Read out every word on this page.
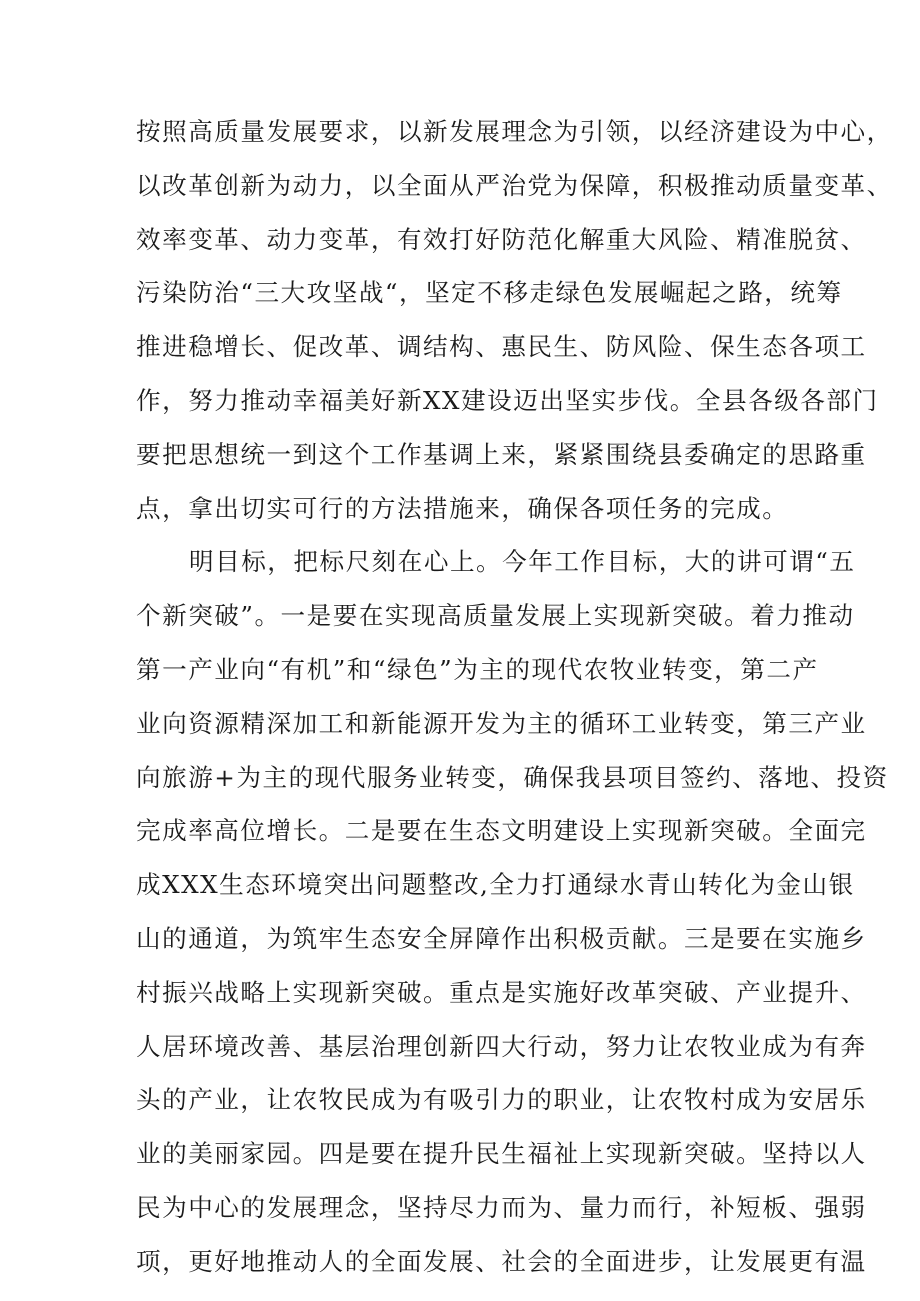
按照高质量发展要求，以新发展理念为引领，以经济建设为中心，
以改革创新为动力，以全面从严治党为保障，积极推动质量变革、
效率变革、动力变革，有效打好防范化解重大风险、精准脱贫、
污染防治“三大攻坚战“，坚定不移走绿色发展崛起之路，统筹
推进稳增长、促改革、调结构、惠民生、防风险、保生态各项工
作，努力推动幸福美好新XX建设迈出坚实步伐。全县各级各部门
要把思想统一到这个工作基调上来，紧紧围绕县委确定的思路重
点，拿出切实可行的方法措施来，确保各项任务的完成。
明目标，把标尺刻在心上。今年工作目标，大的讲可谓“五
个新突破”。一是要在实现高质量发展上实现新突破。着力推动
第一产业向“有机”和“绿色”为主的现代农牧业转变，第二产
业向资源精深加工和新能源开发为主的循环工业转变，第三产业
向旅游+为主的现代服务业转变，确保我县项目签约、落地、投资
完成率高位增长。二是要在生态文明建设上实现新突破。全面完
成XXX生态环境突出问题整改,全力打通绿水青山转化为金山银
山的通道，为筑牢生态安全屏障作出积极贡献。三是要在实施乡
村振兴战略上实现新突破。重点是实施好改革突破、产业提升、
人居环境改善、基层治理创新四大行动，努力让农牧业成为有奔
头的产业，让农牧民成为有吸引力的职业，让农牧村成为安居乐
业的美丽家园。四是要在提升民生福祉上实现新突破。坚持以人
民为中心的发展理念，坚持尽力而为、量力而行，补短板、强弱
项，更好地推动人的全面发展、社会的全面进步，让发展更有温
